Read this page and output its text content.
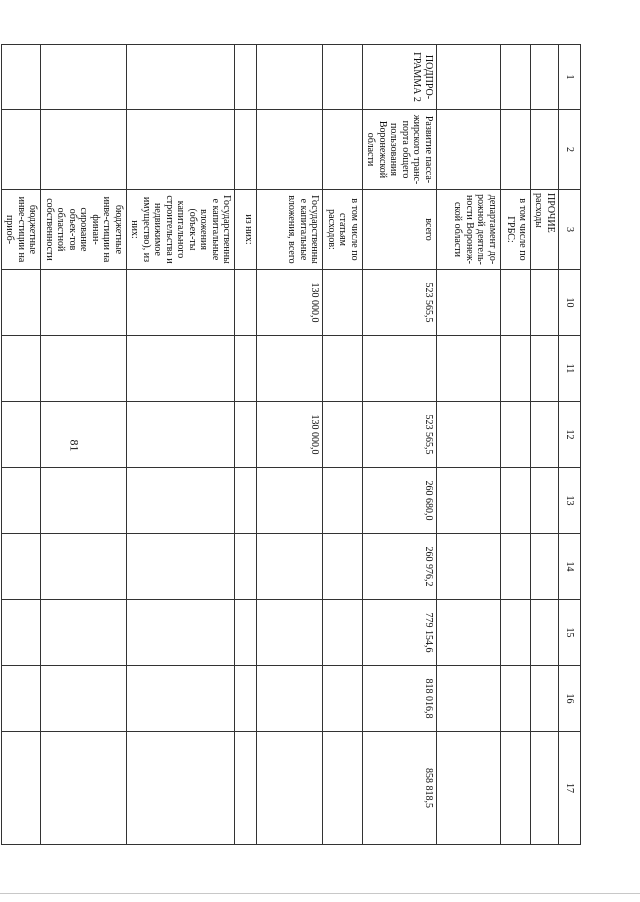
81
1	2	3	10	11	12	13	14	15	16	17
		ПРОЧИЕ расходы								
		в том числе по ГРБС:								
		департамент до-рожной деятель-ности Воронеж-ской области								
ПОДПРО-ГРАММА 2	Развитие пасса-жирского транс-порта общего пользования Воронежской области	всего	523 565,5		523 565,5	260 680,0	260 976,2	779 154,6	818 016,8	858 818,5
		в том числе по статьям расходов:								
		Государственные капитальные вложения, всего	130 000,0		130 000,0					
		из них:								
		Государственные капитальные вложения (объек-ты капитального строительства и недвижимое имущество), из них:								
		бюджетные инве-стиции на финан-сирование объек-тов областной собственности								
		бюджетные инве-стиции на приоб-								
